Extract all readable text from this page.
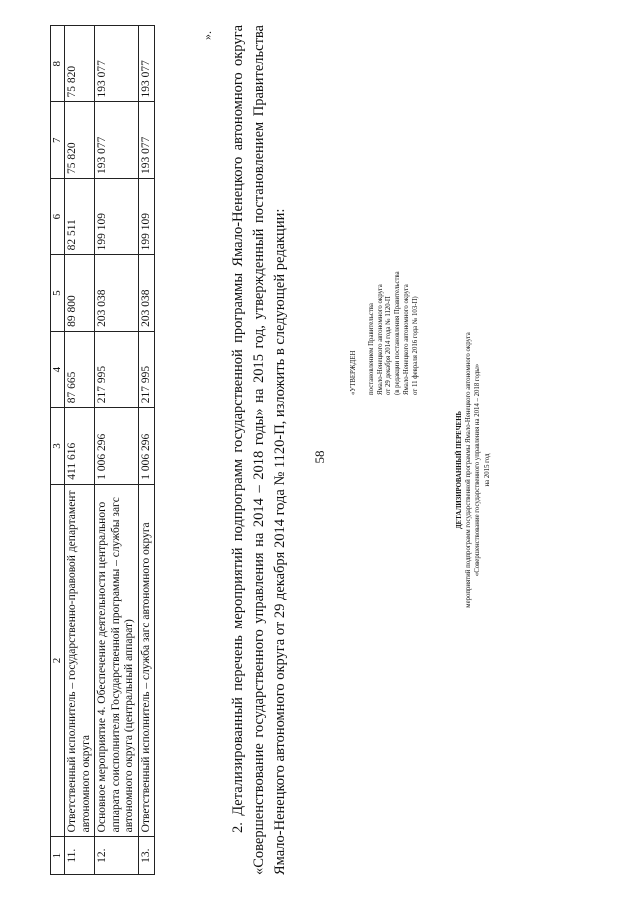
58
1	2	3	4	5	6	7	8
11.	Ответственный исполнитель – государственно-правовой департамент автономного округа	411 616	87 665	89 800	82 511	75 820	75 820
12.	Основное мероприятие 4. Обеспечение деятельности центрального аппарата соисполнителя Государственной программы – службы загс автономного округа (центральный аппарат)	1 006 296	217 995	203 038	199 109	193 077	193 077
13.	Ответственный исполнитель – служба загс автономного округа	1 006 296	217 995	203 038	199 109	193 077	193 077
». 2. Детализированный перечень мероприятий подпрограмм государственной программы Ямало-Ненецкого автономного округа «Совершенствование государственного управления на 2014 – 2018 годы» на 2015 год, утвержденный постановлением Правительства Ямало-Ненецкого автономного округа от 29 декабря 2014 года № 1120-П, изложить в следующей редакции:	«УТВЕРЖДЕН постановлением Правительства Ямало-Ненецкого автономного округа от 29 декабря 2014 года № 1120-П (в редакции постановления Правительства Ямало-Ненецкого автономного округа от 11 февраля 2016 года № 103-П)
ДЕТАЛИЗИРОВАННЫЙ ПЕРЕЧЕНЬ мероприятий подпрограмм государственной программы Ямало-Ненецкого автономного округа «Совершенствование государственного управления на 2014 – 2018 годы» на 2015 год
